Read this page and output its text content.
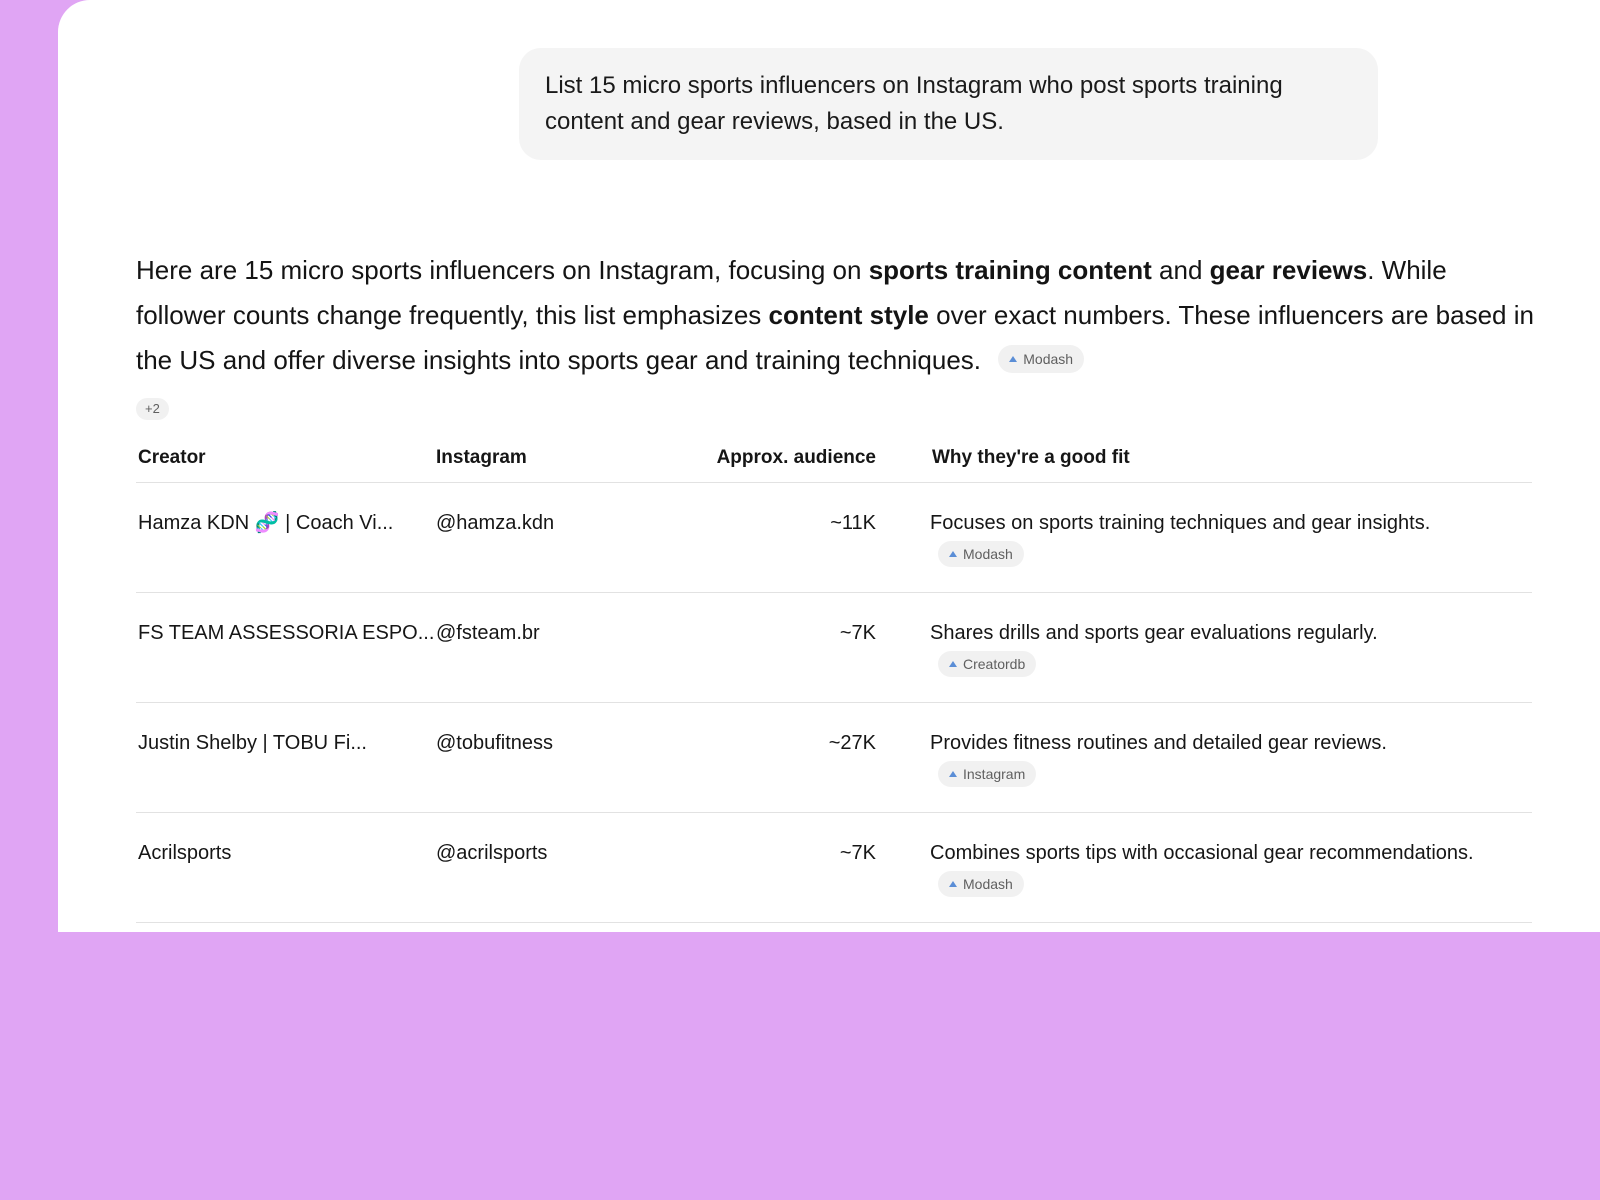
List 15 micro sports influencers on Instagram who post sports training content and gear reviews, based in the US.
Here are 15 micro sports influencers on Instagram, focusing on sports training content and gear reviews. While follower counts change frequently, this list emphasizes content style over exact numbers. These influencers are based in the US and offer diverse insights into sports gear and training techniques.	Modash
+2
Creator	Instagram	Approx. audience	Why they're a good fit
Hamza KDN 🧬 | Coach Vi...	@hamza.kdn	~11K	Focuses on sports training techniques and gear insights.

Modash

FS TEAM ASSESSORIA ESPO...	@fsteam.br	~7K	Shares drills and sports gear evaluations regularly.

Creatordb

Justin Shelby | TOBU Fi...	@tobufitness	~27K	Provides fitness routines and detailed gear reviews.

Instagram

Acrilsports	@acrilsports	~7K	Combines sports tips with occasional gear recommendations.
Modash
